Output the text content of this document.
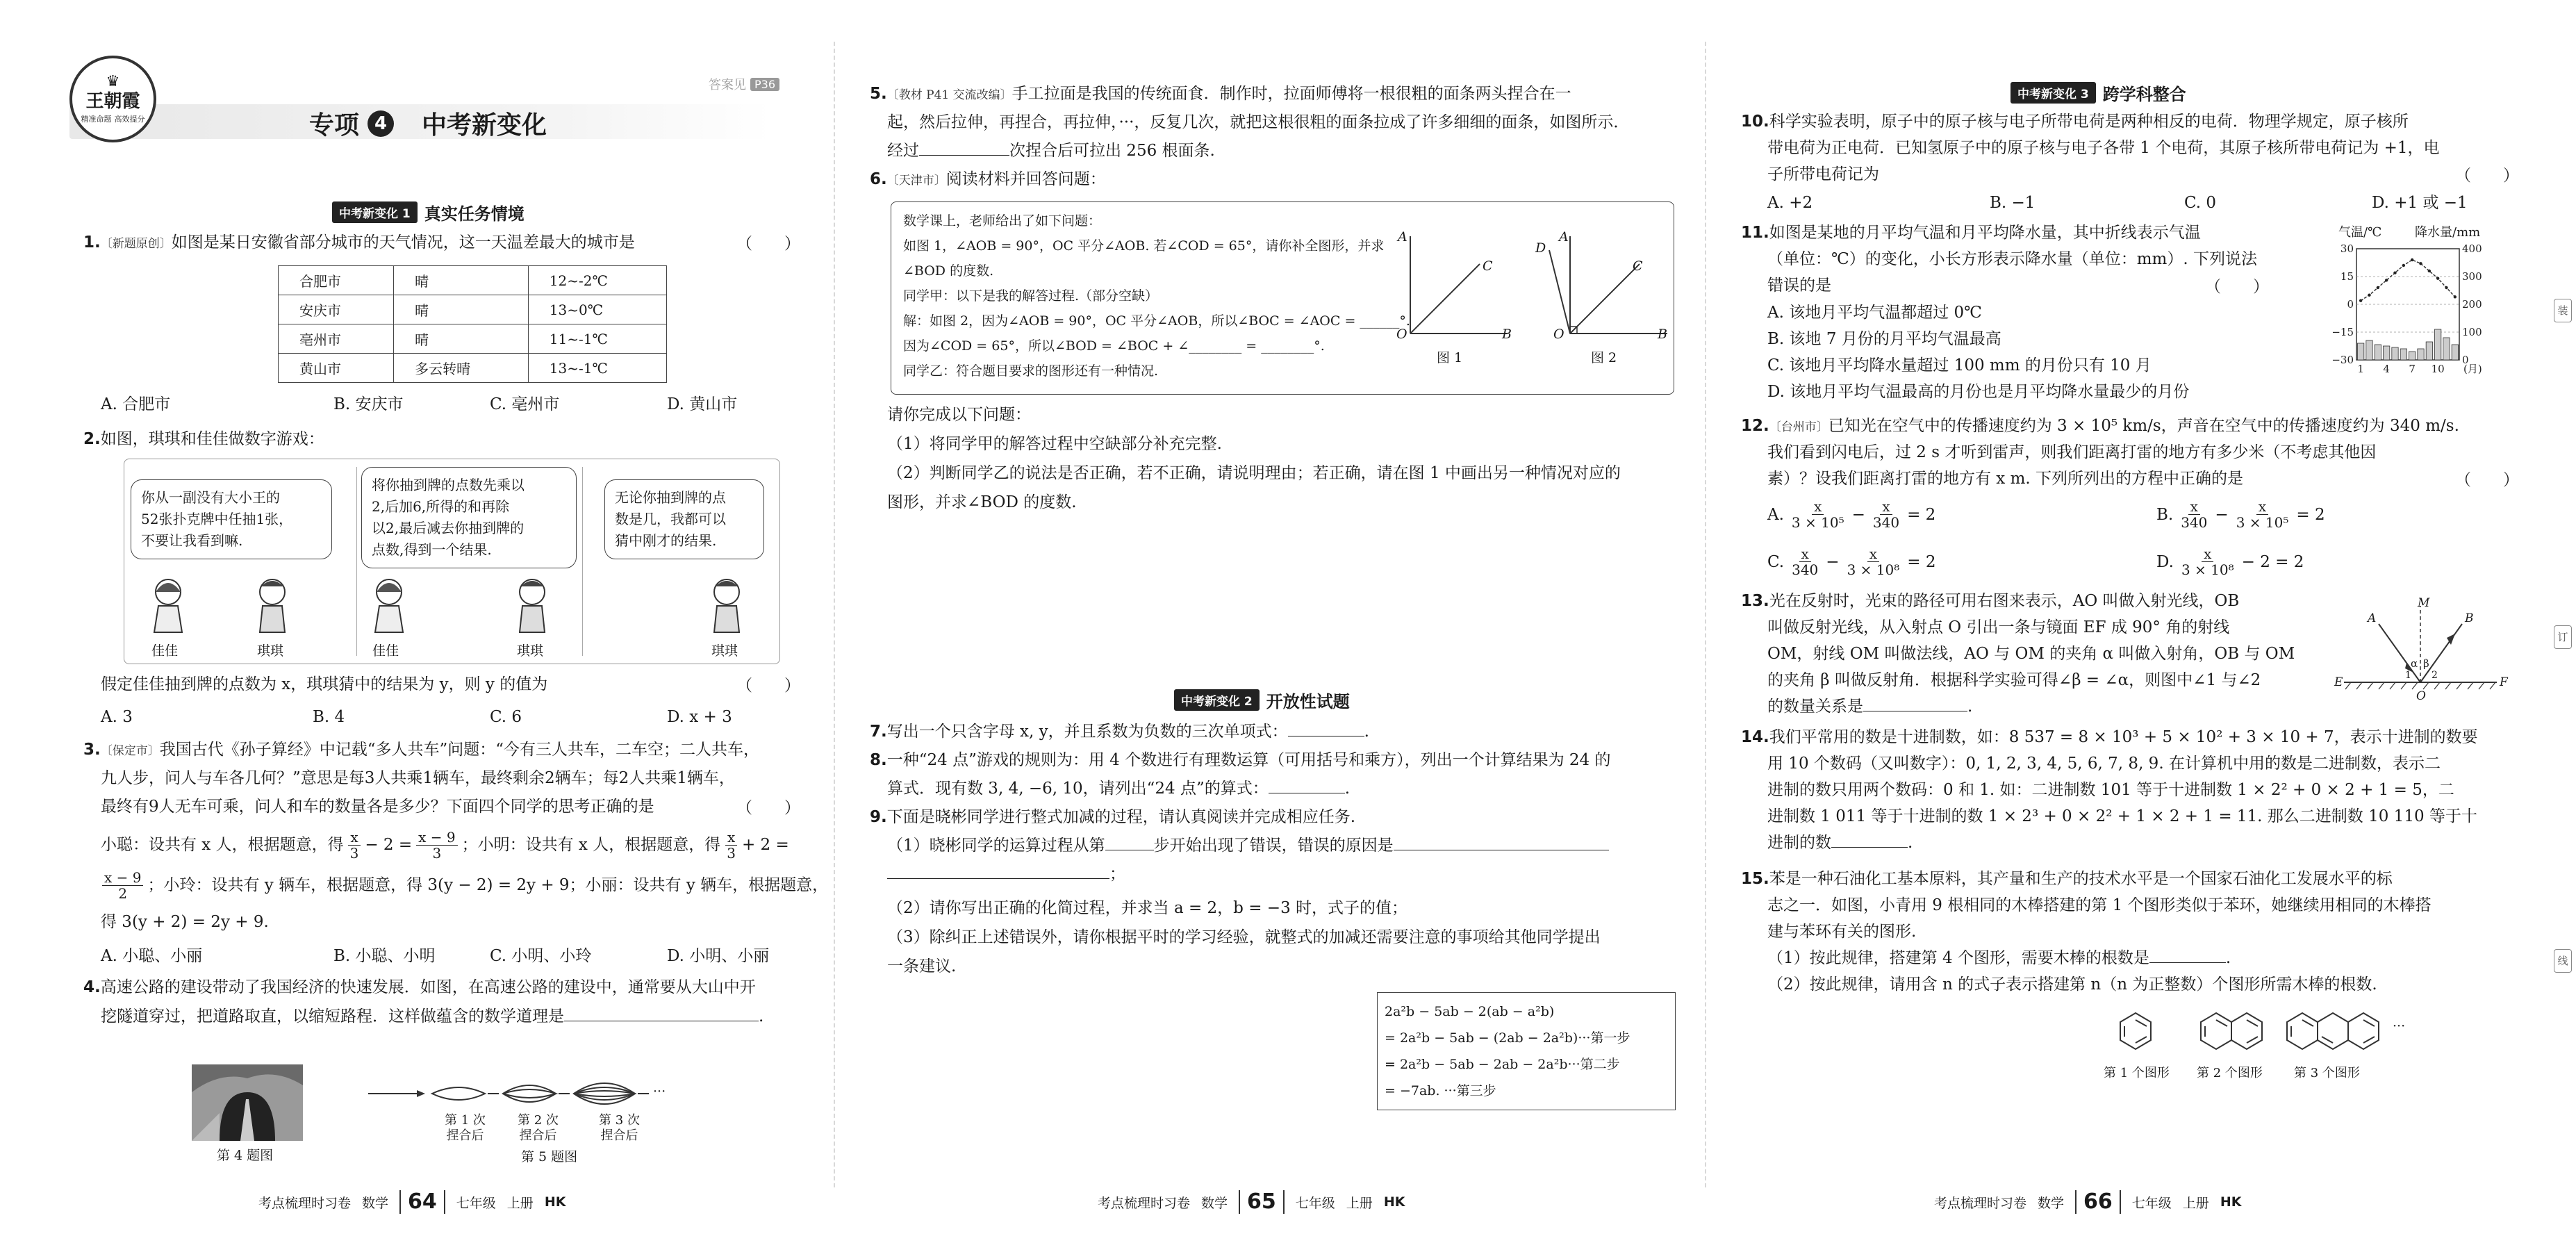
♛
王朝霞
精准命题 高效提分
答案见 P36
专项 4 中考新变化
中考新变化 1 真实任务情境
1.〔新题原创〕如图是某日安徽省部分城市的天气情况，这一天温差最大的城市是	（　　）
合肥市	晴	12~-2℃
安庆市	晴	13~0℃
亳州市	晴	11~-1℃
黄山市	多云转晴	13~-1℃
A. 合肥市	B. 安庆市	C. 亳州市	D. 黄山市
2.如图，琪琪和佳佳做数字游戏：
你从一副没有大小王的
52张扑克牌中任抽1张，
不要让我看到嘛.
将你抽到牌的点数先乘以
2,后加6,所得的和再除
以2,最后减去你抽到牌的
点数,得到一个结果.
无论你抽到牌的点
数是几，我都可以
猜中刚才的结果.
佳佳	琪琪	佳佳	琪琪	琪琪
假定佳佳抽到牌的点数为 x，琪琪猜中的结果为 y，则 y 的值为	（　　）
A. 3	B. 4	C. 6	D. x + 3
3.〔保定市〕我国古代《孙子算经》中记载“多人共车”问题：“今有三人共车，二车空；二人共车，
九人步，问人与车各几何？”意思是每3人共乘1辆车，最终剩余2辆车；每2人共乘1辆车，
最终有9人无车可乘，问人和车的数量各是多少？下面四个同学的思考正确的是	（　　）
小聪：设共有 x 人，根据题意，得 $\frac{x}{3} - 2 = \frac{x - 9}{3}$ ；小明：设共有 x 人，根据题意，得 $\frac{x}{3} + 2$ =
$\frac{x - 9}{2}$ ；小玲：设共有 y 辆车，根据题意，得 3(y − 2) = 2y + 9；小丽：设共有 y 辆车，根据题意，
得 3(y + 2) = 2y + 9.
A. 小聪、小丽	B. 小聪、小明	C. 小明、小玲	D. 小明、小丽
4.高速公路的建设带动了我国经济的快速发展．如图，在高速公路的建设中，通常要从大山中开
挖隧道穿过，把道路取直，以缩短路程．这样做蕴含的数学道理是	.
第 4 题图
···
第 1 次
捏合后
第 2 次
捏合后
第 3 次
捏合后
第 5 题图
考点梳理时习卷 数学 64	七年级 上册 HK
5.〔教材 P41 交流改编〕手工拉面是我国的传统面食．制作时，拉面师傅将一根很粗的面条两头捏合在一
起，然后拉伸，再捏合，再拉伸，···，反复几次，就把这根很粗的面条拉成了许多细细的面条，如图所示．
经过	次捏合后可拉出 256 根面条.
6.〔天津市〕阅读材料并回答问题：
数学课上，老师给出了如下问题：
如图 1，∠AOB = 90°，OC 平分∠AOB. 若∠COD = 65°，请你补全图形，并求
∠BOD 的度数.
同学甲：以下是我的解答过程.（部分空缺）
解：如图 2，因为∠AOB = 90°，OC 平分∠AOB，所以∠BOC = ∠AOC = ______°.
因为∠COD = 65°，所以∠BOD = ∠BOC + ∠________ = ________°.
同学乙：符合题目要求的图形还有一种情况.
A
C
O	B
图 1
D
A
C
O	B
图 2
请你完成以下问题：
（1）将同学甲的解答过程中空缺部分补充完整.
（2）判断同学乙的说法是否正确，若不正确，请说明理由；若正确，请在图 1 中画出另一种情况对应的
图形，并求∠BOD 的度数.
中考新变化 2 开放性试题
7.写出一个只含字母 x, y，并且系数为负数的三次单项式：	.
8.一种“24 点”游戏的规则为：用 4 个数进行有理数运算（可用括号和乘方），列出一个计算结果为 24 的
算式．现有数 3, 4, −6, 10，请列出“24 点”的算式：	.
9.下面是晓彬同学进行整式加减的过程，请认真阅读并完成相应任务.
（1）晓彬同学的运算过程从第	步开始出现了错误，错误的原因是
；
（2）请你写出正确的化简过程，并求当 a = 2，b = −3 时，式子的值；
（3）除纠正上述错误外，请你根据平时的学习经验，就整式的加减还需要注意的事项给其他同学提出
一条建议.
2a²b − 5ab − 2(ab − a²b)
= 2a²b − 5ab − (2ab − 2a²b)···第一步
= 2a²b − 5ab − 2ab − 2a²b···第二步
= −7ab. ···第三步
考点梳理时习卷 数学 65	七年级 上册 HK
中考新变化 3 跨学科整合
10.科学实验表明，原子中的原子核与电子所带电荷是两种相反的电荷．物理学规定，原子核所
带电荷为正电荷．已知氢原子中的原子核与电子各带 1 个电荷，其原子核所带电荷记为 +1，电
子所带电荷记为	（　　）
A. +2	B. −1	C. 0	D. +1 或 −1
11.如图是某地的月平均气温和月平均降水量，其中折线表示气温
（单位：℃）的变化，小长方形表示降水量（单位：mm）. 下列说法
错误的是	（　　）
A. 该地月平均气温都超过 0℃
B. 该地 7 月份的月平均气温最高
C. 该地月平均降水量超过 100 mm 的月份只有 10 月
D. 该地月平均气温最高的月份也是月平均降水量最少的月份
气温/℃	降水量/mm
30
15
0
−15
−30
400
300
200
100
0
1 4 7 10 (月)
12.〔台州市〕已知光在空气中的传播速度约为 3 × 10⁵ km/s，声音在空气中的传播速度约为 340 m/s.
我们看到闪电后，过 2 s 才听到雷声，则我们距离打雷的地方有多少米（不考虑其他因
素）？设我们距离打雷的地方有 x m. 下列所列出的方程中正确的是	（　　）
A. $\frac{x}{\text{3 × 10⁵}} - \frac{x}{340} = 2$	B. $\frac{x}{340} - \frac{x}{\text{3 × 10⁵}} = 2$
C. $\frac{x}{340} - \frac{x}{\text{3 × 10⁸}} = 2$	D. $\frac{x}{\text{3 × 10⁸}} - 2 = 2$
13.光在反射时，光束的路径可用右图来表示，AO 叫做入射光线，OB
叫做反射光线，从入射点 O 引出一条与镜面 EF 成 90° 角的射线
OM，射线 OM 叫做法线，AO 与 OM 的夹角 α 叫做入射角，OB 与 OM
的夹角 β 叫做反射角．根据科学实验可得∠β = ∠α，则图中∠1 与∠2
的数量关系是	.
M
A	B
α β
1 2
E	F
O
14.我们平常用的数是十进制数，如：8 537 = 8 × 10³ + 5 × 10² + 3 × 10 + 7，表示十进制的数要
用 10 个数码（又叫数字）：0, 1, 2, 3, 4, 5, 6, 7, 8, 9. 在计算机中用的数是二进制数，表示二
进制的数只用两个数码：0 和 1. 如：二进制数 101 等于十进制数 1 × 2² + 0 × 2 + 1 = 5，二
进制数 1 011 等于十进制的数 1 × 2³ + 0 × 2² + 1 × 2 + 1 = 11. 那么二进制数 10 110 等于十
进制的数	.
15.苯是一种石油化工基本原料，其产量和生产的技术水平是一个国家石油化工发展水平的标
志之一．如图，小青用 9 根相同的木棒搭建的第 1 个图形类似于苯环，她继续用相同的木棒搭
建与苯环有关的图形.
（1）按此规律，搭建第 4 个图形，需要木棒的根数是	.
（2）按此规律，请用含 n 的式子表示搭建第 n（n 为正整数）个图形所需木棒的根数.
···
第 1 个图形 第 2 个图形	第 3 个图形
装
订
线
考点梳理时习卷 数学 66	七年级 上册 HK
